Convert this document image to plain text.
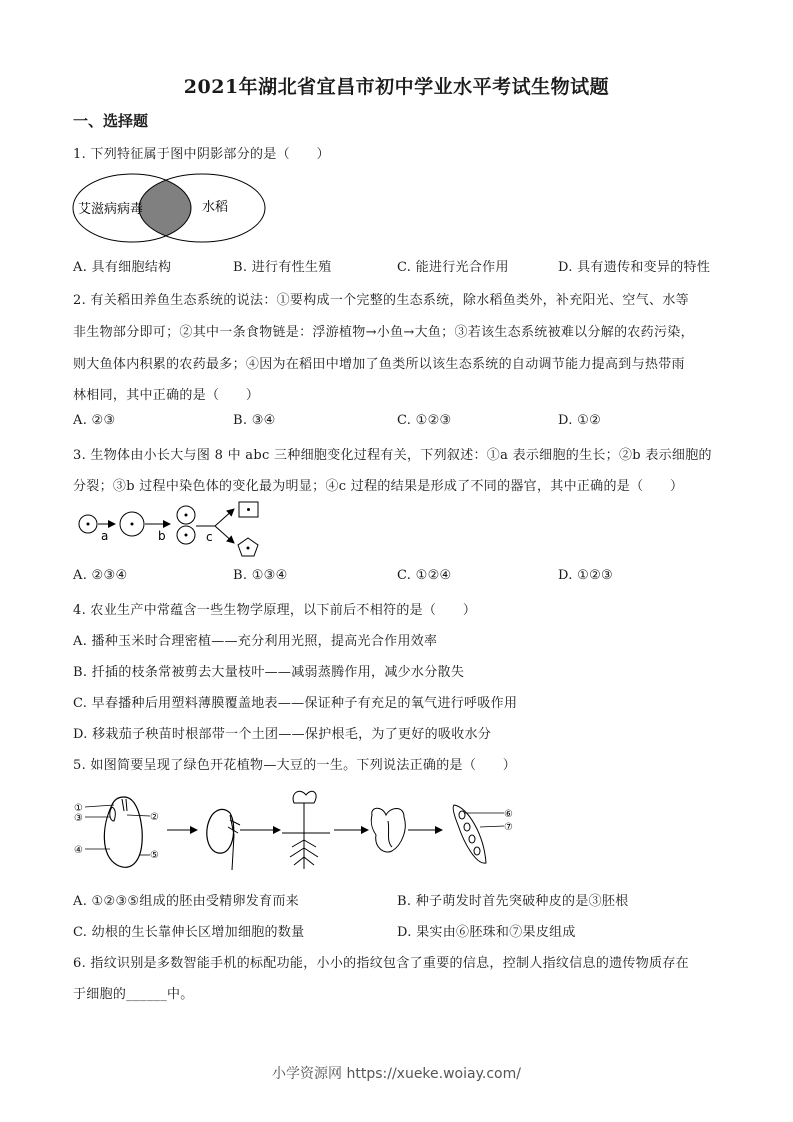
2021年湖北省宜昌市初中学业水平考试生物试题
一、选择题
1. 下列特征属于图中阴影部分的是（　　）
艾滋病病毒	水稻
A. 具有细胞结构	B. 进行有性生殖	C. 能进行光合作用	D. 具有遗传和变异的特性
2. 有关稻田养鱼生态系统的说法：①要构成一个完整的生态系统，除水稻鱼类外，补充阳光、空气、水等
非生物部分即可；②其中一条食物链是：浮游植物→小鱼→大鱼；③若该生态系统被难以分解的农药污染，
则大鱼体内积累的农药最多；④因为在稻田中增加了鱼类所以该生态系统的自动调节能力提高到与热带雨
林相同，其中正确的是（　　）
A. ②③	B. ③④	C. ①②③	D. ①②
3. 生物体由小长大与图 8 中 abc 三种细胞变化过程有关，下列叙述：①a 表示细胞的生长；②b 表示细胞的
分裂；③b 过程中染色体的变化最为明显；④c 过程的结果是形成了不同的器官，其中正确的是（　　）
a	b	c
A. ②③④	B. ①③④	C. ①②④	D. ①②③
4. 农业生产中常蕴含一些生物学原理，以下前后不相符的是（　　）
A. 播种玉米时合理密植——充分利用光照，提高光合作用效率
B. 扦插的枝条常被剪去大量枝叶——减弱蒸腾作用，减少水分散失
C. 早春播种后用塑料薄膜覆盖地表——保证种子有充足的氧气进行呼吸作用
D. 移栽茄子秧苗时根部带一个土团——保护根毛，为了更好的吸收水分
5. 如图简要呈现了绿色开花植物—大豆的一生。下列说法正确的是（　　）
①
③	②
④	⑤
⑥
⑦
A. ①②③⑤组成的胚由受精卵发育而来	B. 种子萌发时首先突破种皮的是③胚根
C. 幼根的生长靠伸长区增加细胞的数量	D. 果实由⑥胚珠和⑦果皮组成
6. 指纹识别是多数智能手机的标配功能，小小的指纹包含了重要的信息，控制人指纹信息的遗传物质存在
于细胞的______中。
小学资源网 https://xueke.woiay.com/
